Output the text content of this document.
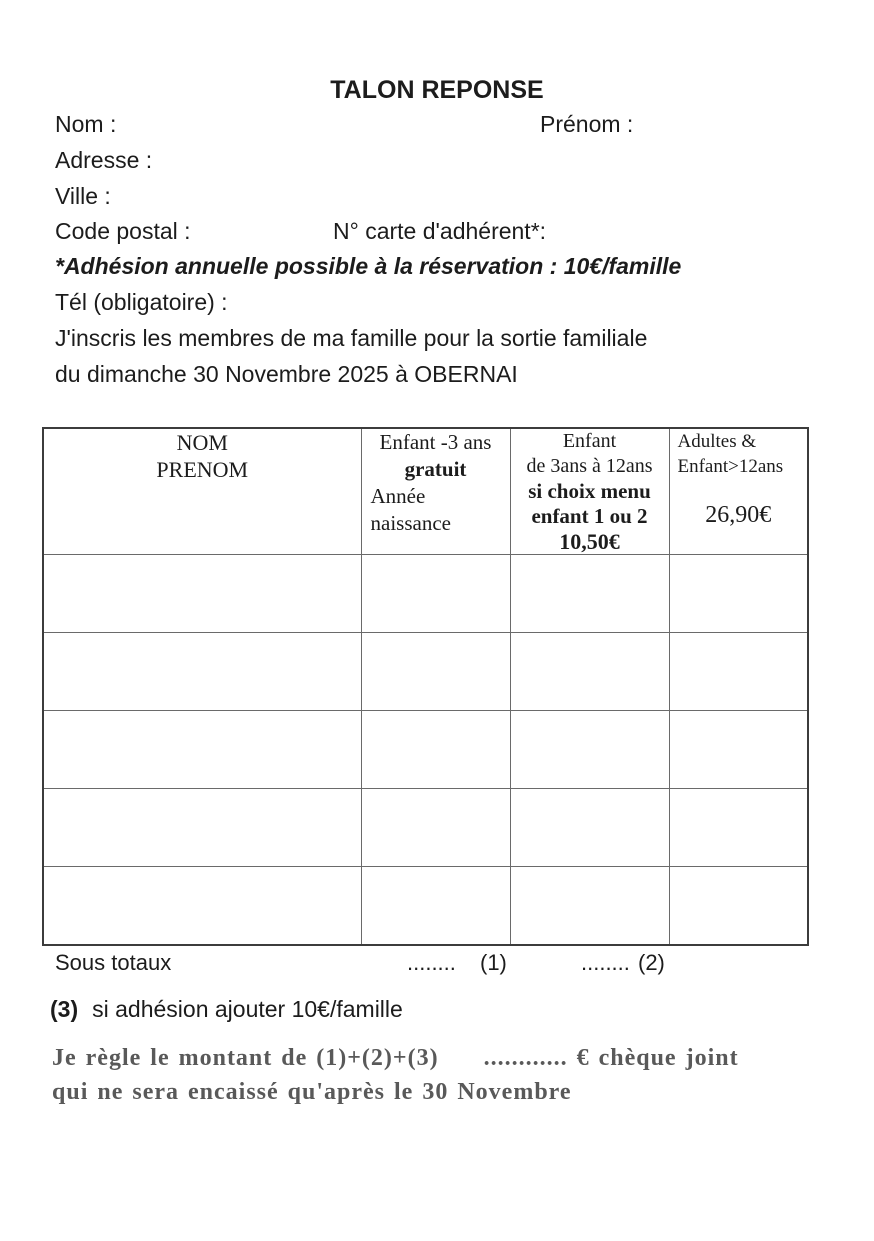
TALON REPONSE
Nom :	Prénom :
Adresse :
Ville :
Code postal :	N° carte d'adhérent*:
*Adhésion annuelle possible à la réservation : 10€/famille
Tél (obligatoire) :
J'inscris les membres de ma famille pour la sortie familiale
du dimanche 30 Novembre 2025 à OBERNAI
NOM
PRENOM

Enfant -3 ans
gratuit
Année
naissance

Enfant
de 3ans à 12ans
si choix menu
enfant 1 ou 2
10,50€

Adultes &
Enfant>12ans
26,90€

Sous totaux	........ (1)	........ (2)
(3) si adhésion ajouter 10€/famille
Je règle le montant de (1)+(2)+(3)     ............ € chèque joint
qui ne sera encaissé qu'après le 30 Novembre
